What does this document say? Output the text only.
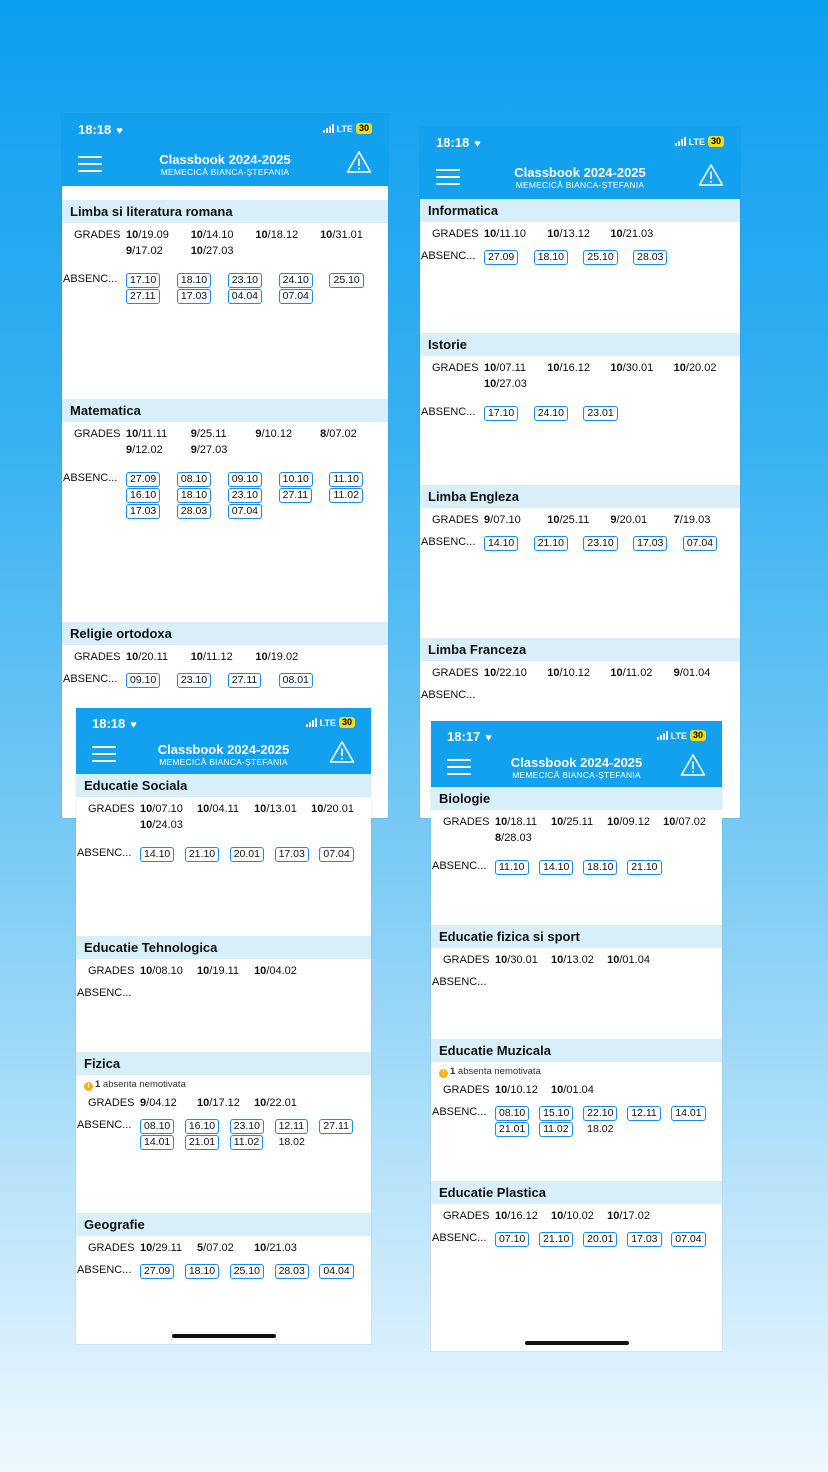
18:18 ♥	LTE 30
Classbook 2024-2025
MEMECICĂ BIANCA-ȘTEFANIA
Limba si literatura romana
GRADES 10/19.09 10/14.10 10/18.12 10/31.01
9/17.02	10/27.03
ABSENC...	17.10	18.10	23.10	24.10	25.10
27.11	17.03	04.04	07.04
Matematica
GRADES 10/11.11 9/25.11	9/10.12	8/07.02
9/12.02	9/27.03
ABSENC...	27.09	08.10	09.10	10.10	11.10
16.10	18.10	23.10	27.11	11.02
17.03	28.03	07.04
Religie ortodoxa
GRADES 10/20.11 10/11.12 10/19.02
ABSENC...	09.10	23.10	27.11	08.01
18:18 ♥	LTE 30
Classbook 2024-2025
MEMECICĂ BIANCA-ȘTEFANIA
Informatica
GRADES 10/11.10 10/13.12 10/21.03
ABSENC...	27.09	18.10	25.10	28.03
Istorie
GRADES 10/07.11 10/16.12 10/30.01 10/20.02
10/27.03
ABSENC...	17.10	24.10	23.01
Limba Engleza
GRADES 9/07.10 10/25.11 9/20.01 7/19.03
ABSENC...	14.10	21.10	23.10	17.03	07.04
Limba Franceza
GRADES 10/22.10 10/10.12 10/11.02 9/01.04
ABSENC...
18:18 ♥	LTE 30
Classbook 2024-2025
MEMECICĂ BIANCA-ȘTEFANIA
Educatie Sociala
GRADES 10/07.10 10/04.11 10/13.01 10/20.01
10/24.03
ABSENC...	14.10	21.10	20.01	17.03	07.04
Educatie Tehnologica
GRADES 10/08.10 10/19.11 10/04.02
ABSENC...
Fizica
! 1 absenta nemotivata
GRADES 9/04.12 10/17.12 10/22.01
ABSENC...	08.10	16.10	23.10	12.11	27.11
14.01	21.01	11.02	18.02
Geografie
GRADES 10/29.11 5/07.02 10/21.03
ABSENC...	27.09	18.10	25.10	28.03	04.04
18:17 ♥	LTE 30
Classbook 2024-2025
MEMECICĂ BIANCA-ȘTEFANIA
Biologie
GRADES 10/18.11 10/25.11 10/09.12 10/07.02
8/28.03
ABSENC...	11.10	14.10	18.10	21.10
Educatie fizica si sport
GRADES 10/30.01 10/13.02 10/01.04
ABSENC...
Educatie Muzicala
! 1 absenta nemotivata
GRADES 10/10.12 10/01.04
ABSENC...	08.10	15.10	22.10	12.11	14.01
21.01	11.02	18.02
Educatie Plastica
GRADES 10/16.12 10/10.02 10/17.02
ABSENC...	07.10	21.10	20.01	17.03	07.04
